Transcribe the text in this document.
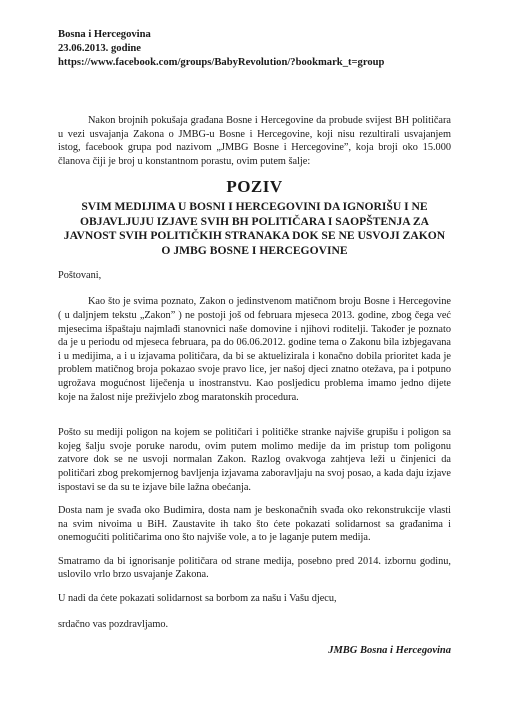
Bosna i Hercegovina
23.06.2013. godine
https://www.facebook.com/groups/BabyRevolution/?bookmark_t=group

Nakon brojnih pokušaja građana Bosne i Hercegovine da probude svijest BH političara u vezi usvajanja Zakona o JMBG-u Bosne i Hercegovine, koji nisu rezultirali usvajanjem istog, facebook grupa pod nazivom „JMBG Bosne i Hercegovine”, koja broji oko 15.000 članova čiji je broj u konstantnom porastu, ovim putem šalje:

POZIV
SVIM MEDIJIMA U BOSNI I HERCEGOVINI DA IGNORIŠU I NE OBJAVLJUJU IZJAVE SVIH BH POLITIČARA I SAOPŠTENJA ZA JAVNOST SVIH POLITIČKIH STRANAKA DOK SE NE USVOJI ZAKON O JMBG BOSNE I HERCEGOVINE
Poštovani,

Kao što je svima poznato, Zakon o jedinstvenom matičnom broju Bosne i Hercegovine ( u daljnjem tekstu „Zakon” ) ne postoji još od februara mjeseca 2013. godine, zbog čega već mjesecima išpaštaju najmlađi stanovnici naše domovine i njihovi roditelji. Također je poznato da je u periodu od mjeseca februara, pa do 06.06.2012. godine tema o Zakonu bila izbjegavana i u medijima, a i u izjavama političara, da bi se aktuelizirala i konačno dobila prioritet kada je problem matičnog broja pokazao svoje pravo lice, jer našoj djeci znatno otežava, pa i potpuno ugrožava mogućnost liječenja u inostranstvu. Kao posljedicu problema imamo jedno dijete koje na žalost nije preživjelo zbog maratonskih procedura.

Pošto su mediji poligon na kojem se političari i političke stranke najviše grupišu i poligon sa kojeg šalju svoje poruke narodu, ovim putem molimo medije da im pristup tom poligonu zatvore dok se ne usvoji normalan Zakon. Razlog ovakvoga zahtjeva leži u činjenici da političari zbog prekomjernog bavljenja izjavama zaboravljaju na svoj posao, a kada daju izjave ispostavi se da su te izjave bile lažna obećanja.

Dosta nam je svađa oko Budimira, dosta nam je beskonačnih svađa oko rekonstrukcije vlasti na svim nivoima u BiH. Zaustavite ih tako što ćete pokazati solidarnost sa građanima i onemogućiti političarima ono što najviše vole, a to je laganje putem medija.

Smatramo da bi ignorisanje političara od strane medija, posebno pred 2014. izbornu godinu, uslovilo vrlo brzo usvajanje Zakona.

U nadi da ćete pokazati solidarnost sa borbom za našu i Vašu djecu,

srdačno vas pozdravljamo.

JMBG Bosna i Hercegovina
